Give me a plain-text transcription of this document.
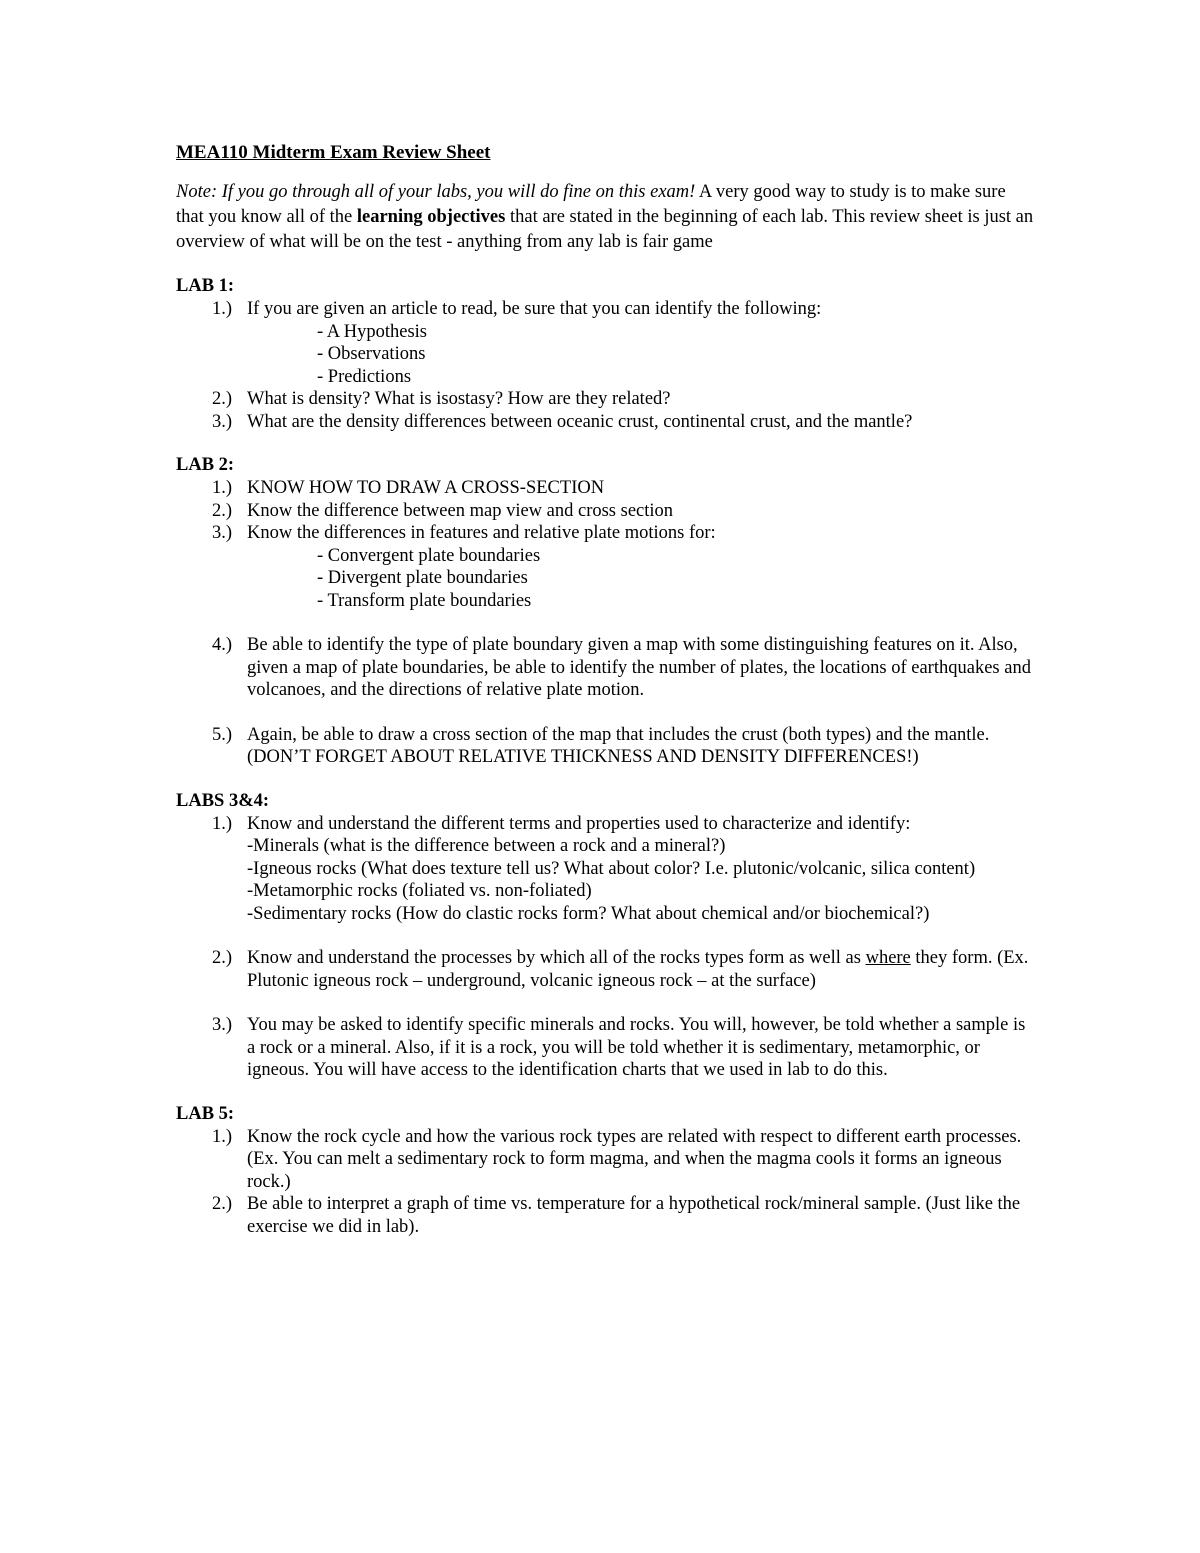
MEA110 Midterm Exam Review Sheet
Note: If you go through all of your labs, you will do fine on this exam! A very good way to study is to make sure that you know all of the learning objectives that are stated in the beginning of each lab. This review sheet is just an overview of what will be on the test - anything from any lab is fair game
LAB 1:
1.) If you are given an article to read, be sure that you can identify the following:
- A Hypothesis
- Observations
- Predictions
2.) What is density? What is isostasy? How are they related?
3.) What are the density differences between oceanic crust, continental crust, and the mantle?
LAB 2:
1.) KNOW HOW TO DRAW A CROSS-SECTION
2.) Know the difference between map view and cross section
3.) Know the differences in features and relative plate motions for:
- Convergent plate boundaries
- Divergent plate boundaries
- Transform plate boundaries
4.) Be able to identify the type of plate boundary given a map with some distinguishing features on it. Also, given a map of plate boundaries, be able to identify the number of plates, the locations of earthquakes and volcanoes, and the directions of relative plate motion.
5.) Again, be able to draw a cross section of the map that includes the crust (both types) and the mantle. (DON’T FORGET ABOUT RELATIVE THICKNESS AND DENSITY DIFFERENCES!)
LABS 3&4:
1.) Know and understand the different terms and properties used to characterize and identify:
-Minerals (what is the difference between a rock and a mineral?)
-Igneous rocks (What does texture tell us? What about color? I.e. plutonic/volcanic, silica content)
-Metamorphic rocks (foliated vs. non-foliated)
-Sedimentary rocks (How do clastic rocks form? What about chemical and/or biochemical?)
2.) Know and understand the processes by which all of the rocks types form as well as where they form. (Ex. Plutonic igneous rock – underground, volcanic igneous rock – at the surface)
3.) You may be asked to identify specific minerals and rocks. You will, however, be told whether a sample is a rock or a mineral. Also, if it is a rock, you will be told whether it is sedimentary, metamorphic, or igneous. You will have access to the identification charts that we used in lab to do this.
LAB 5:
1.) Know the rock cycle and how the various rock types are related with respect to different earth processes. (Ex. You can melt a sedimentary rock to form magma, and when the magma cools it forms an igneous rock.)
2.) Be able to interpret a graph of time vs. temperature for a hypothetical rock/mineral sample. (Just like the exercise we did in lab).
